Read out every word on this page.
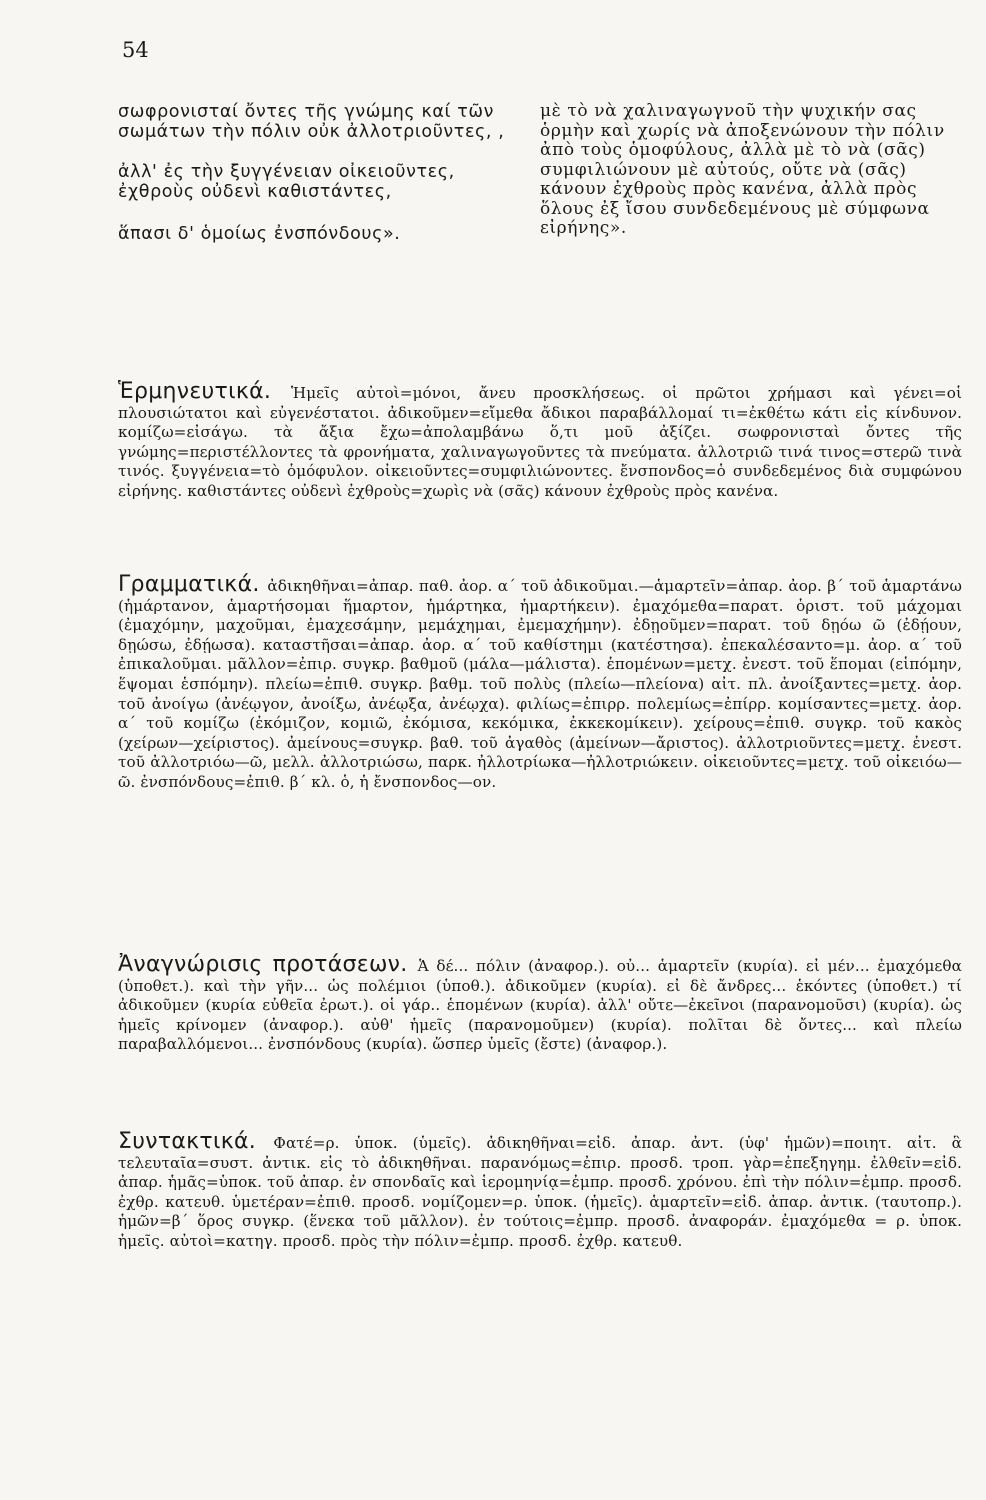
54

σωφρονισταί ὄντες τῆς γνώμης καί τῶν σωμάτων τὴν πόλιν οὐκ ἀλλοτριοῦντες, ,

ἀλλ' ἐς τὴν ξυγγένειαν οἰκειοῦντες, ἐχθροὺς οὐδενὶ καθιστάντες,

ἅπασι δ' ὁμοίως ἐνσπόνδους».

μὲ τὸ νὰ χαλιναγωγνοῦ τὴν ψυχικήν σας ὁρμὴν καὶ χωρίς νὰ ἀποξενώνουν τὴν πόλιν ἀπὸ τοὺς ὁμοφύλους, ἀλλὰ μὲ τὸ νὰ (σᾶς) συμφιλιώνουν μὲ αὐτούς, οὔτε νὰ (σᾶς) κάνουν ἐχθροὺς πρὸς κανένα, ἀλλὰ πρὸς ὅλους ἐξ ἴσου συνδεδεμένους μὲ σύμφωνα εἰρήνης».

Ἑρμηνευτικά. Ἡμεῖς αὐτοὶ=μόνοι, ἄνευ προσκλήσεως. οἱ πρῶτοι χρήμασι καὶ γένει=οἱ πλουσιώτατοι καὶ εὐγενέστατοι. ἀδικοῦμεν=εἴμεθα ἄδικοι παραβάλλομαί τι=ἐκθέτω κάτι εἰς κίνδυνον. κομίζω=εἰσάγω. τὰ ἄξια ἔχω=ἀπολαμβάνω ὅ,τι μοῦ ἀξίζει. σωφρονισταὶ ὄντες τῆς γνώμης=περιστέλλοντες τὰ φρονήματα, χαλιναγωγοῦντες τὰ πνεύματα. ἀλλοτριῶ τινά τινος=στερῶ τινὰ τινός. ξυγγένεια=τὸ ὁμόφυλον. οἰκειοῦντες=συμφιλιώνοντες. ἔνσπονδος=ὁ συνδεδεμένος διὰ συμφώνου εἰρήνης. καθιστάντες οὐδενὶ ἐχθροὺς=χωρὶς νὰ (σᾶς) κάνουν ἐχθροὺς πρὸς κανένα.
Γραμματικά. ἀδικηθῆναι=ἀπαρ. παθ. ἀορ. α΄ τοῦ ἀδικοῦμαι.—ἁμαρτεῖν=ἀπαρ. ἀορ. β΄ τοῦ ἁμαρτάνω (ἡμάρτανον, ἁμαρτήσομαι ἥμαρτον, ἡμάρτηκα, ἡμαρτήκειν). ἐμαχόμεθα=παρατ. ὁριστ. τοῦ μάχομαι (ἐμαχόμην, μαχοῦμαι, ἐμαχεσάμην, μεμάχημαι, ἐμεμαχήμην). ἐδῃοῦμεν=παρατ. τοῦ δῃόω ῶ (ἐδῄουν, δῃώσω, ἐδῄωσα). καταστῆσαι=ἀπαρ. ἀορ. α΄ τοῦ καθίστημι (κατέστησα). ἐπεκαλέσαντο=μ. ἀορ. α΄ τοῦ ἐπικαλοῦμαι. μᾶλλον=ἐπιρ. συγκρ. βαθμοῦ (μάλα—μάλιστα). ἑπομένων=μετχ. ἐνεστ. τοῦ ἕπομαι (εἱπόμην, ἕψομαι ἑσπόμην). πλείω=ἐπιθ. συγκρ. βαθμ. τοῦ πολὺς (πλείω—πλείονα) αἰτ. πλ. ἀνοίξαντες=μετχ. ἀορ. τοῦ ἀνοίγω (ἀνέῳγον, ἀνοίξω, ἀνέῳξα, ἀνέῳχα). φιλίως=ἐπιρρ. πολεμίως=ἐπίρρ. κομίσαντες=μετχ. ἀορ. α΄ τοῦ κομίζω (ἐκόμιζον, κομιῶ, ἐκόμισα, κεκόμικα, ἐκκεκομίκειν). χείρους=ἐπιθ. συγκρ. τοῦ κακὸς (χείρων—χείριστος). ἀμείνους=συγκρ. βαθ. τοῦ ἀγαθὸς (ἀμείνων—ἄριστος). ἀλλοτριοῦντες=μετχ. ἐνεστ. τοῦ ἀλλοτριόω—ῶ, μελλ. ἀλλοτριώσω, παρκ. ἠλλοτρίωκα—ἠλλοτριώκειν. οἰκειοῦντες=μετχ. τοῦ οἰκειόω—ῶ. ἐνσπόνδους=ἐπιθ. β΄ κλ. ὁ, ἡ ἔνσπονδος—ον.
Ἀναγνώρισις προτάσεων. Ἁ δέ... πόλιν (ἀναφορ.). οὐ... ἁμαρτεῖν (κυρία). εἰ μέν... ἐμαχόμεθα (ὑποθετ.). καὶ τὴν γῆν... ὡς πολέμιοι (ὑποθ.). ἀδικοῦμεν (κυρία). εἰ δὲ ἄνδρες... ἑκόντες (ὑποθετ.) τί ἀδικοῦμεν (κυρία εὐθεῖα ἐρωτ.). οἱ γάρ.. ἑπομένων (κυρία). ἀλλ' οὔτε—ἐκεῖνοι (παρανομοῦσι) (κυρία). ὡς ἡμεῖς κρίνομεν (ἀναφορ.). αὐθ' ἡμεῖς (παρανομοῦμεν) (κυρία). πολῖται δὲ ὄντες... καὶ πλείω παραβαλλόμενοι... ἐνσπόνδους (κυρία). ὥσπερ ὑμεῖς (ἔστε) (ἀναφορ.).
Συντακτικά. Φατέ=ρ. ὑποκ. (ὑμεῖς). ἀδικηθῆναι=εἰδ. ἀπαρ. ἀντ. (ὑφ' ἡμῶν)=ποιητ. αἰτ. ἃ τελευταῖα=συστ. ἀντικ. εἰς τὸ ἀδικηθῆναι. παρανόμως=ἐπιρ. προσδ. τροπ. γὰρ=ἐπεξηγημ. ἐλθεῖν=εἰδ. ἀπαρ. ἡμᾶς=ὑποκ. τοῦ ἀπαρ. ἐν σπονδαῖς καὶ ἱερομηνίᾳ=ἐμπρ. προσδ. χρόνου. ἐπὶ τὴν πόλιν=ἐμπρ. προσδ. ἐχθρ. κατευθ. ὑμετέραν=ἐπιθ. προσδ. νομίζομεν=ρ. ὑποκ. (ἡμεῖς). ἁμαρτεῖν=εἰδ. ἀπαρ. ἀντικ. (ταυτοπρ.). ἡμῶν=β΄ ὅρος συγκρ. (ἕνεκα τοῦ μᾶλλον). ἐν τούτοις=ἐμπρ. προσδ. ἀναφοράν. ἐμαχόμεθα = ρ. ὑποκ. ἡμεῖς. αὐτοὶ=κατηγ. προσδ. πρὸς τὴν πόλιν=ἐμπρ. προσδ. ἐχθρ. κατευθ.
